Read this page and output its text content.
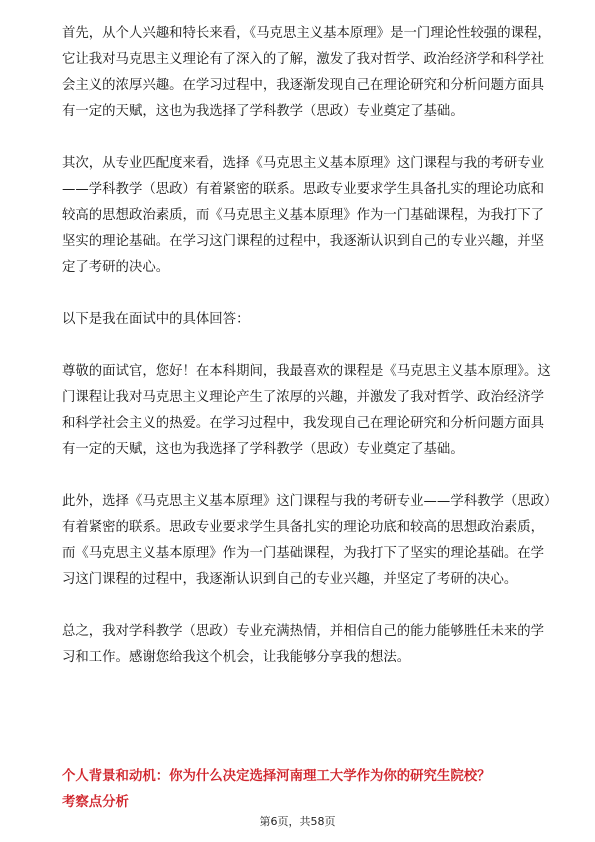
首先，从个人兴趣和特长来看，《马克思主义基本原理》是一门理论性较强的课程，它让我对马克思主义理论有了深入的了解，激发了我对哲学、政治经济学和科学社会主义的浓厚兴趣。在学习过程中，我逐渐发现自己在理论研究和分析问题方面具有一定的天赋，这也为我选择了学科教学（思政）专业奠定了基础。

其次，从专业匹配度来看，选择《马克思主义基本原理》这门课程与我的考研专业——学科教学（思政）有着紧密的联系。思政专业要求学生具备扎实的理论功底和较高的思想政治素质，而《马克思主义基本原理》作为一门基础课程，为我打下了坚实的理论基础。在学习这门课程的过程中，我逐渐认识到自己的专业兴趣，并坚定了考研的决心。

以下是我在面试中的具体回答：

尊敬的面试官，您好！在本科期间，我最喜欢的课程是《马克思主义基本原理》。这门课程让我对马克思主义理论产生了浓厚的兴趣，并激发了我对哲学、政治经济学和科学社会主义的热爱。在学习过程中，我发现自己在理论研究和分析问题方面具有一定的天赋，这也为我选择了学科教学（思政）专业奠定了基础。

此外，选择《马克思主义基本原理》这门课程与我的考研专业——学科教学（思政）有着紧密的联系。思政专业要求学生具备扎实的理论功底和较高的思想政治素质，而《马克思主义基本原理》作为一门基础课程，为我打下了坚实的理论基础。在学习这门课程的过程中，我逐渐认识到自己的专业兴趣，并坚定了考研的决心。

总之，我对学科教学（思政）专业充满热情，并相信自己的能力能够胜任未来的学习和工作。感谢您给我这个机会，让我能够分享我的想法。

个人背景和动机：你为什么决定选择河南理工大学作为你的研究生院校？

考察点分析

第6页，共58页
